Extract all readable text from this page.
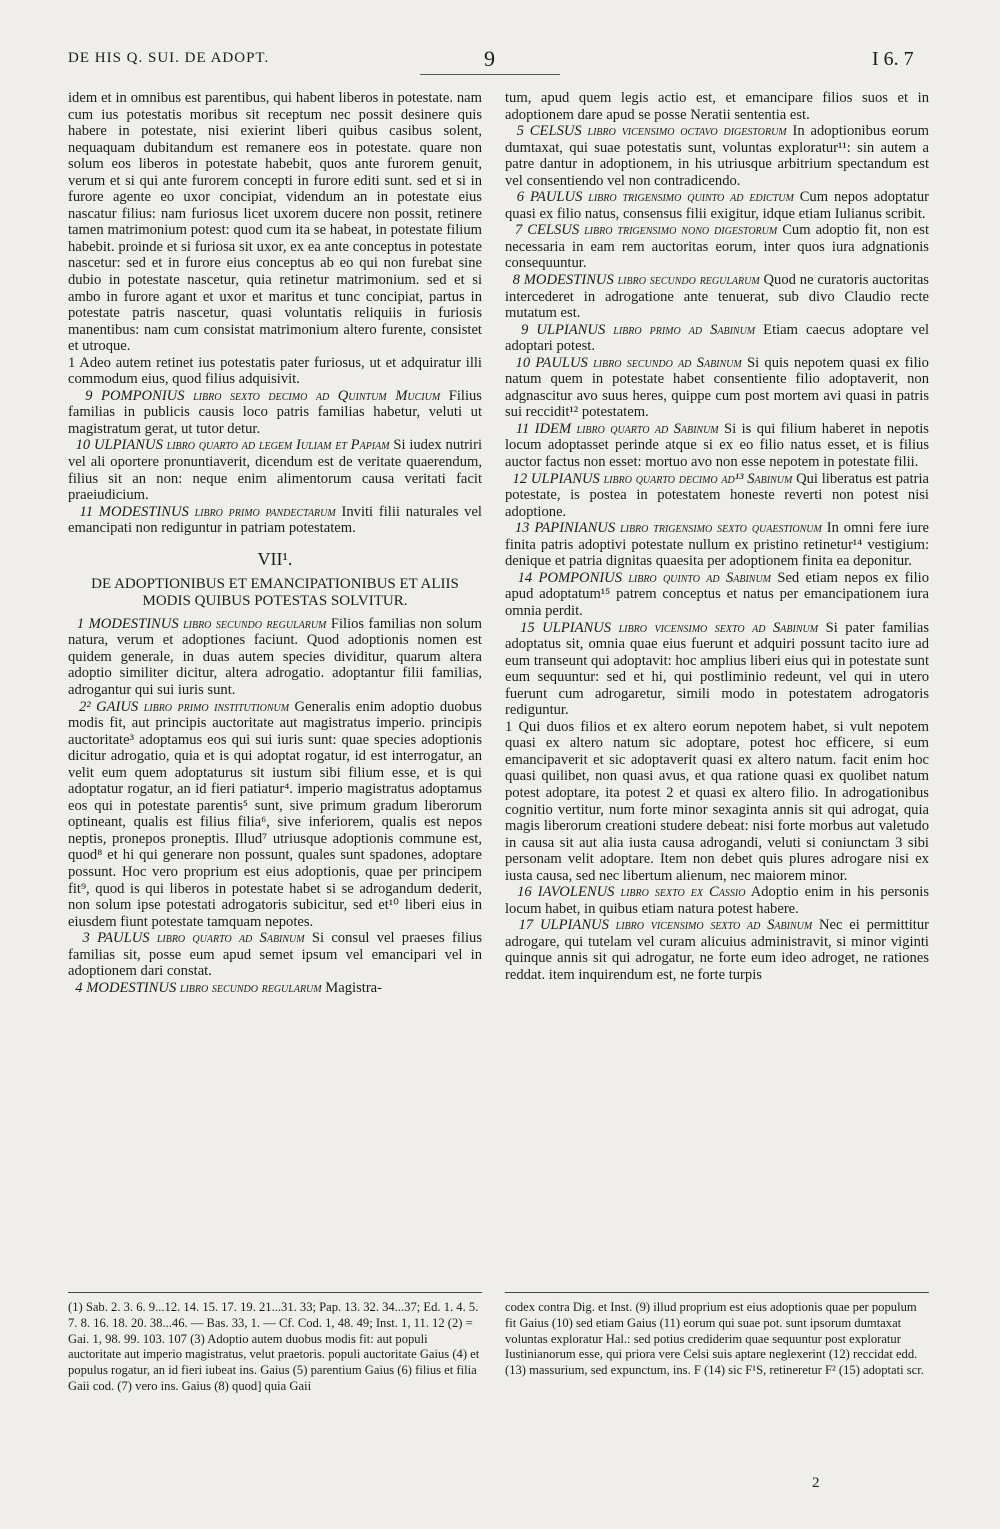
DE HIS Q. SUI. DE ADOPT.	9	I 6. 7

idem et in omnibus est parentibus, qui habent liberos in potestate. nam cum ius potestatis moribus sit receptum nec possit desinere quis habere in potestate, nisi exierint liberi quibus casibus solent, nequaquam dubitandum est remanere eos in potestate. quare non solum eos liberos in potestate habebit, quos ante furorem genuit, verum et si qui ante furorem concepti in furore editi sunt. sed et si in furore agente eo uxor concipiat, videndum an in potestate eius nascatur filius: nam furiosus licet uxorem ducere non possit, retinere tamen matrimonium potest: quod cum ita se habeat, in potestate filium habebit. proinde et si furiosa sit uxor, ex ea ante conceptus in potestate nascetur: sed et in furore eius conceptus ab eo qui non furebat sine dubio in potestate nascetur, quia retinetur matrimonium. sed et si ambo in furore agant et uxor et maritus et tunc concipiat, partus in potestate patris nascetur, quasi voluntatis reliquiis in furiosis manentibus: nam cum consistat matrimonium altero furente, consistet et utroque.

1 Adeo autem retinet ius potestatis pater furiosus, ut et adquiratur illi commodum eius, quod filius adquisivit.

9 POMPONIUS libro sexto decimo ad Quintum Mucium Filius familias in publicis causis loco patris familias habetur, veluti ut magistratum gerat, ut tutor detur.

10 ULPIANUS libro quarto ad legem Iuliam et Papiam Si iudex nutriri vel ali oportere pronuntiaverit, dicendum est de veritate quaerendum, filius sit an non: neque enim alimentorum causa veritati facit praeiudicium.

11 MODESTINUS libro primo pandectarum Inviti filii naturales vel emancipati non rediguntur in patriam potestatem.

VII¹.
DE ADOPTIONIBUS ET EMANCIPATIONIBUS ET ALIIS MODIS QUIBUS POTESTAS SOLVITUR.

1 MODESTINUS libro secundo regularum Filios familias non solum natura, verum et adoptiones faciunt. Quod adoptionis nomen est quidem generale, in duas autem species dividitur, quarum altera adoptio similiter dicitur, altera adrogatio. adoptantur filii familias, adrogantur qui sui iuris sunt.

2² GAIUS libro primo institutionum Generalis enim adoptio duobus modis fit, aut principis auctoritate aut magistratus imperio. principis auctoritate³ adoptamus eos qui sui iuris sunt: quae species adoptionis dicitur adrogatio, quia et is qui adoptat rogatur, id est interrogatur, an velit eum quem adoptaturus sit iustum sibi filium esse, et is qui adoptatur rogatur, an id fieri patiatur⁴. imperio magistratus adoptamus eos qui in potestate parentis⁵ sunt, sive primum gradum liberorum optineant, qualis est filius filia⁶, sive inferiorem, qualis est nepos neptis, pronepos proneptis. Illud⁷ utriusque adoptionis commune est, quod⁸ et hi qui generare non possunt, quales sunt spadones, adoptare possunt. Hoc vero proprium est eius adoptionis, quae per principem fit⁹, quod is qui liberos in potestate habet si se adrogandum dederit, non solum ipse potestati adrogatoris subicitur, sed et¹⁰ liberi eius in eiusdem fiunt potestate tamquam nepotes.

3 PAULUS libro quarto ad Sabinum Si consul vel praeses filius familias sit, posse eum apud semet ipsum vel emancipari vel in adoptionem dari constat.

4 MODESTINUS libro secundo regularum Magistra-

tum, apud quem legis actio est, et emancipare filios suos et in adoptionem dare apud se posse Neratii sententia est.

5 CELSUS libro vicensimo octavo digestorum In adoptionibus eorum dumtaxat, qui suae potestatis sunt, voluntas exploratur¹¹: sin autem a patre dantur in adoptionem, in his utriusque arbitrium spectandum est vel consentiendo vel non contradicendo.

6 PAULUS libro trigensimo quinto ad edictum Cum nepos adoptatur quasi ex filio natus, consensus filii exigitur, idque etiam Iulianus scribit.

7 CELSUS libro trigensimo nono digestorum Cum adoptio fit, non est necessaria in eam rem auctoritas eorum, inter quos iura adgnationis consequuntur.

8 MODESTINUS libro secundo regularum Quod ne curatoris auctoritas intercederet in adrogatione ante tenuerat, sub divo Claudio recte mutatum est.

9 ULPIANUS libro primo ad Sabinum Etiam caecus adoptare vel adoptari potest.

10 PAULUS libro secundo ad Sabinum Si quis nepotem quasi ex filio natum quem in potestate habet consentiente filio adoptaverit, non adgnascitur avo suus heres, quippe cum post mortem avi quasi in patris sui reccidit¹² potestatem.

11 IDEM libro quarto ad Sabinum Si is qui filium haberet in nepotis locum adoptasset perinde atque si ex eo filio natus esset, et is filius auctor factus non esset: mortuo avo non esse nepotem in potestate filii.

12 ULPIANUS libro quarto decimo ad¹³ Sabinum Qui liberatus est patria potestate, is postea in potestatem honeste reverti non potest nisi adoptione.

13 PAPINIANUS libro trigensimo sexto quaestionum In omni fere iure finita patris adoptivi potestate nullum ex pristino retinetur¹⁴ vestigium: denique et patria dignitas quaesita per adoptionem finita ea deponitur.

14 POMPONIUS libro quinto ad Sabinum Sed etiam nepos ex filio apud adoptatum¹⁵ patrem conceptus et natus per emancipationem iura omnia perdit.

15 ULPIANUS libro vicensimo sexto ad Sabinum Si pater familias adoptatus sit, omnia quae eius fuerunt et adquiri possunt tacito iure ad eum transeunt qui adoptavit: hoc amplius liberi eius qui in potestate sunt eum sequuntur: sed et hi, qui postliminio redeunt, vel qui in utero fuerunt cum adrogaretur, simili modo in potestatem adrogatoris rediguntur.

1 Qui duos filios et ex altero eorum nepotem habet, si vult nepotem quasi ex altero natum sic adoptare, potest hoc efficere, si eum emancipaverit et sic adoptaverit quasi ex altero natum. facit enim hoc quasi quilibet, non quasi avus, et qua ratione quasi ex quolibet natum potest adoptare, ita potest 2 et quasi ex altero filio. In adrogationibus cognitio vertitur, num forte minor sexaginta annis sit qui adrogat, quia magis liberorum creationi studere debeat: nisi forte morbus aut valetudo in causa sit aut alia iusta causa adrogandi, veluti si coniunctam 3 sibi personam velit adoptare. Item non debet quis plures adrogare nisi ex iusta causa, sed nec libertum alienum, nec maiorem minor.

16 IAVOLENUS libro sexto ex Cassio Adoptio enim in his personis locum habet, in quibus etiam natura potest habere.

17 ULPIANUS libro vicensimo sexto ad Sabinum Nec ei permittitur adrogare, qui tutelam vel curam alicuius administravit, si minor viginti quinque annis sit qui adrogatur, ne forte eum ideo adroget, ne rationes reddat. item inquirendum est, ne forte turpis

(1) Sab. 2. 3. 6. 9...12. 14. 15. 17. 19. 21...31. 33; Pap. 13. 32. 34...37; Ed. 1. 4. 5. 7. 8. 16. 18. 20. 38...46. — Bas. 33, 1. — Cf. Cod. 1, 48. 49; Inst. 1, 11. 12 (2) = Gai. 1, 98. 99. 103. 107 (3) Adoptio autem duobus modis fit: aut populi auctoritate aut imperio magistratus, velut praetoris. populi auctoritate Gaius (4) et populus rogatur, an id fieri iubeat ins. Gaius (5) parentium Gaius (6) filius et filia Gaii cod. (7) vero ins. Gaius (8) quod] quia Gaii
codex contra Dig. et Inst. (9) illud proprium est eius adoptionis quae per populum fit Gaius (10) sed etiam Gaius (11) eorum qui suae pot. sunt ipsorum dumtaxat voluntas exploratur Hal.: sed potius crediderim quae sequuntur post exploratur Iustinianorum esse, qui priora vere Celsi suis aptare neglexerint (12) reccidat edd. (13) massurium, sed expunctum, ins. F (14) sic F¹S, retineretur F² (15) adoptati scr.
2
